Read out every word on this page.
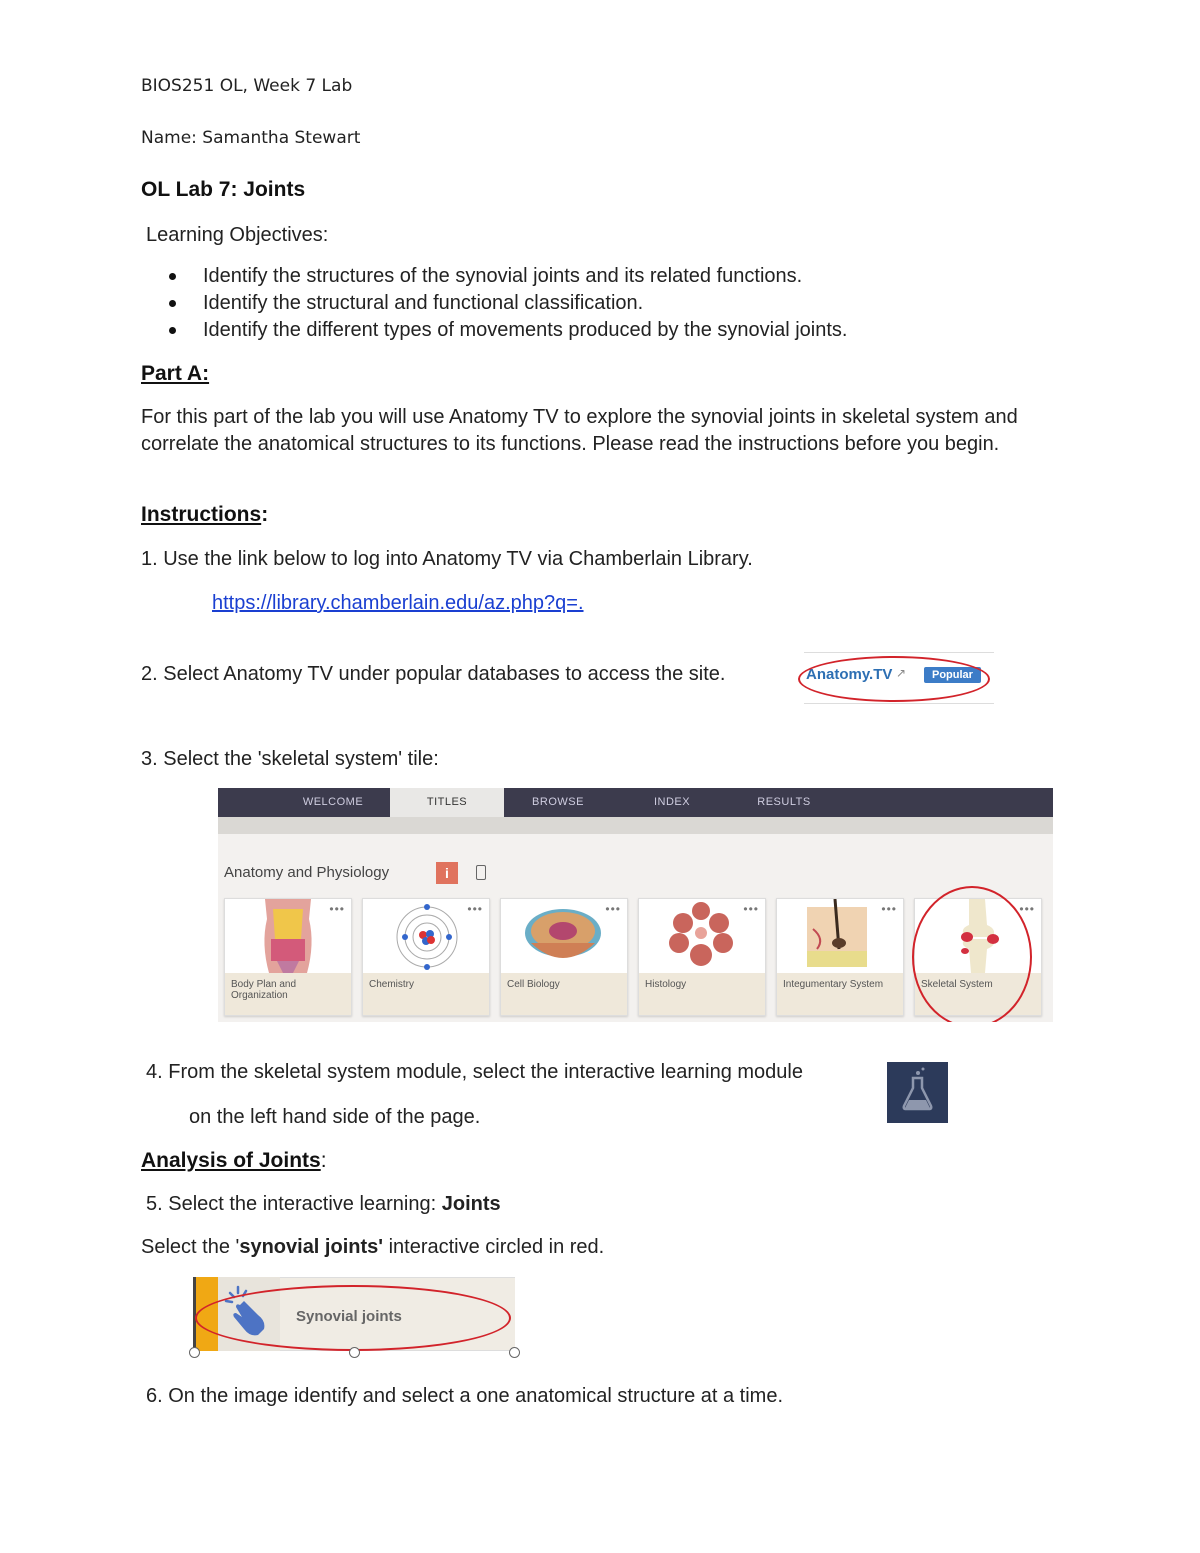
BIOS251 OL, Week 7 Lab
Name: Samantha Stewart
OL Lab 7: Joints
Learning Objectives:
Identify the structures of the synovial joints and its related functions.
Identify the structural and functional classification.
Identify the different types of movements produced by the synovial joints.
Part A:
For this part of the lab you will use Anatomy TV to explore the synovial joints in skeletal system and correlate the anatomical structures to its functions. Please read the instructions before you begin.
Instructions:
1. Use the link below to log into Anatomy TV via Chamberlain Library.
https://library.chamberlain.edu/az.php?q=.
2. Select Anatomy TV under popular databases to access the site.	Anatomy.TV ↗	Popular
3. Select the 'skeletal system' tile:
WELCOME	TITLES	BROWSE	INDEX	RESULTS
Anatomy and Physiology	i
•••
Body Plan and Organization
•••
Chemistry
•••
Cell Biology
•••
Histology
•••
Integumentary System
•••
Skeletal System
4. From the skeletal system module, select the interactive learning module
on the left hand side of the page.
Analysis of Joints:
5. Select the interactive learning: Joints
Select the 'synovial joints' interactive circled in red.
Synovial joints
6. On the image identify and select a one anatomical structure at a time.
